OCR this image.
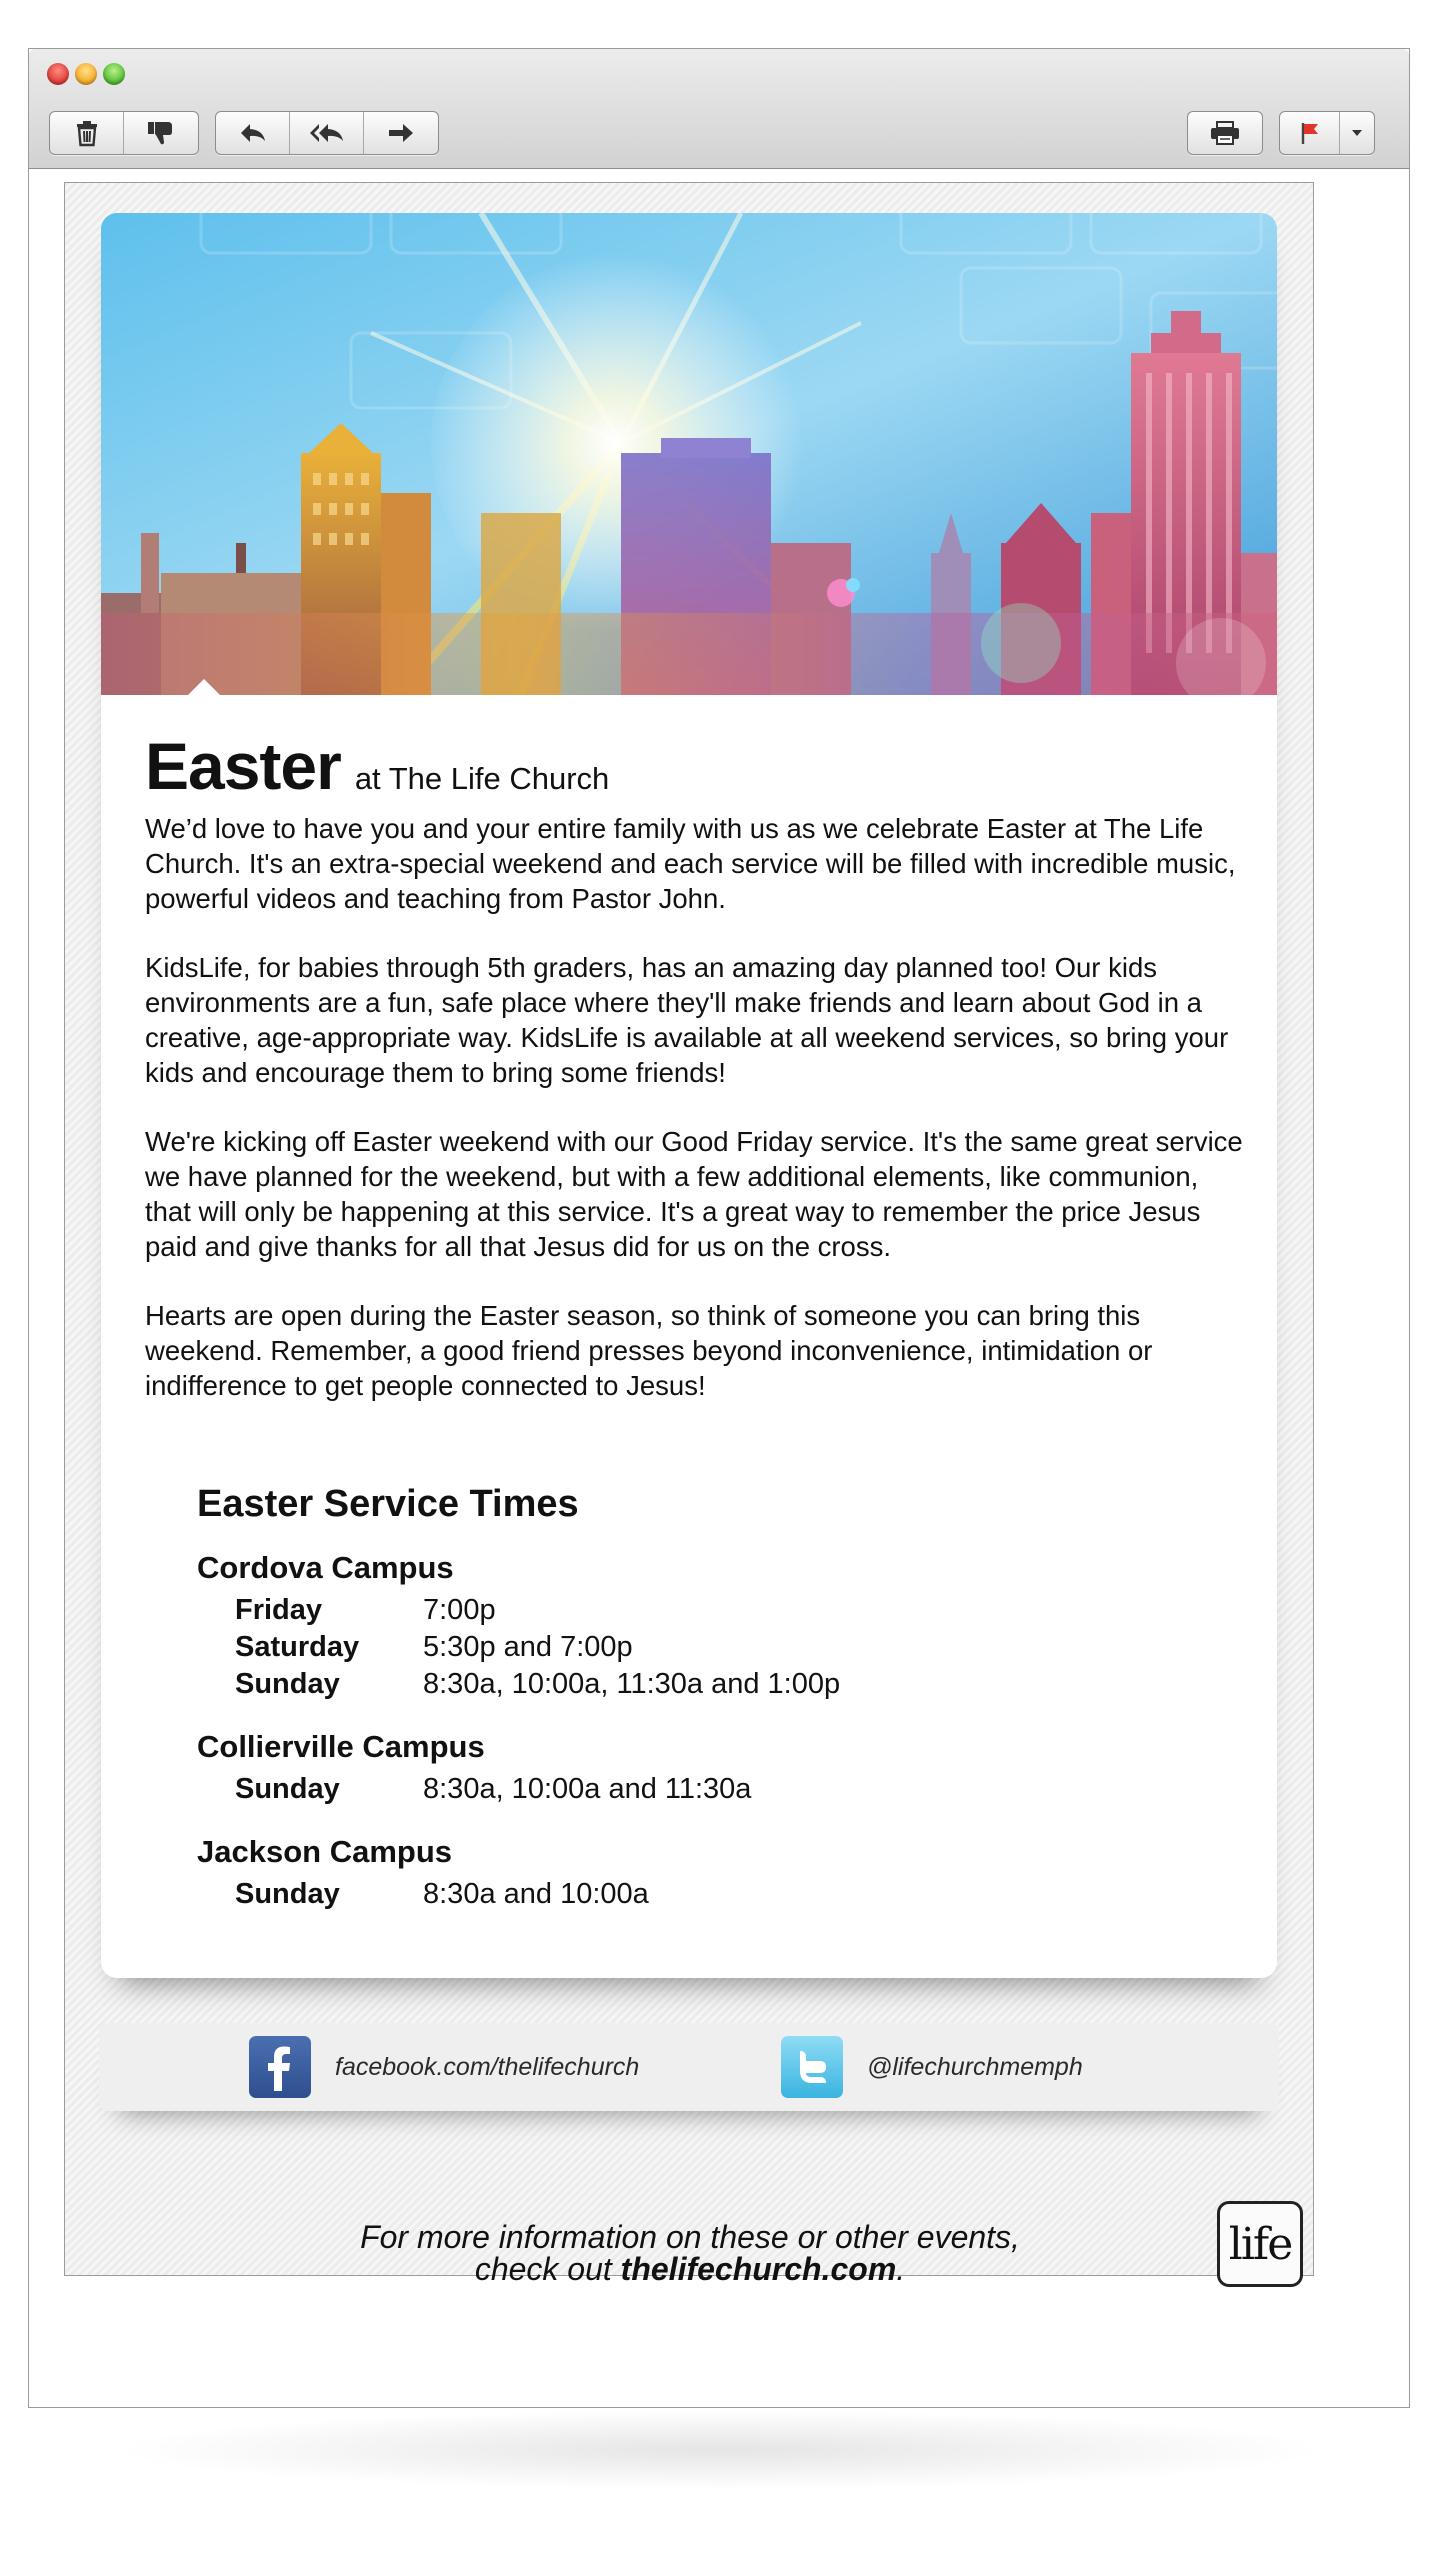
Easter at The Life Church

We’d love to have you and your entire family with us as we celebrate Easter at The Life Church. It's an extra-special weekend and each service will be filled with incredible music, powerful videos and teaching from Pastor John.

KidsLife, for babies through 5th graders, has an amazing day planned too! Our kids environments are a fun, safe place where they'll make friends and learn about God in a creative, age-appropriate way. KidsLife is available at all weekend services, so bring your kids and encourage them to bring some friends!

We're kicking off Easter weekend with our Good Friday service. It's the same great service we have planned for the weekend, but with a few additional elements, like communion, that will only be happening at this service. It's a great way to remember the price Jesus paid and give thanks for all that Jesus did for us on the cross.

Hearts are open during the Easter season, so think of someone you can bring this weekend. Remember, a good friend presses beyond inconvenience, intimidation or indifference to get people connected to Jesus!

Easter Service Times
Cordova Campus
Friday	7:00p
Saturday 5:30p and 7:00p
Sunday	8:30a, 10:00a, 11:30a and 1:00p
Collierville Campus
Sunday	8:30a, 10:00a and 11:30a
Jackson Campus
Sunday	8:30a and 10:00a
facebook.com/thelifechurch	@lifechurchmemph
For more information on these or other events,
check out thelifechurch.com.	life
